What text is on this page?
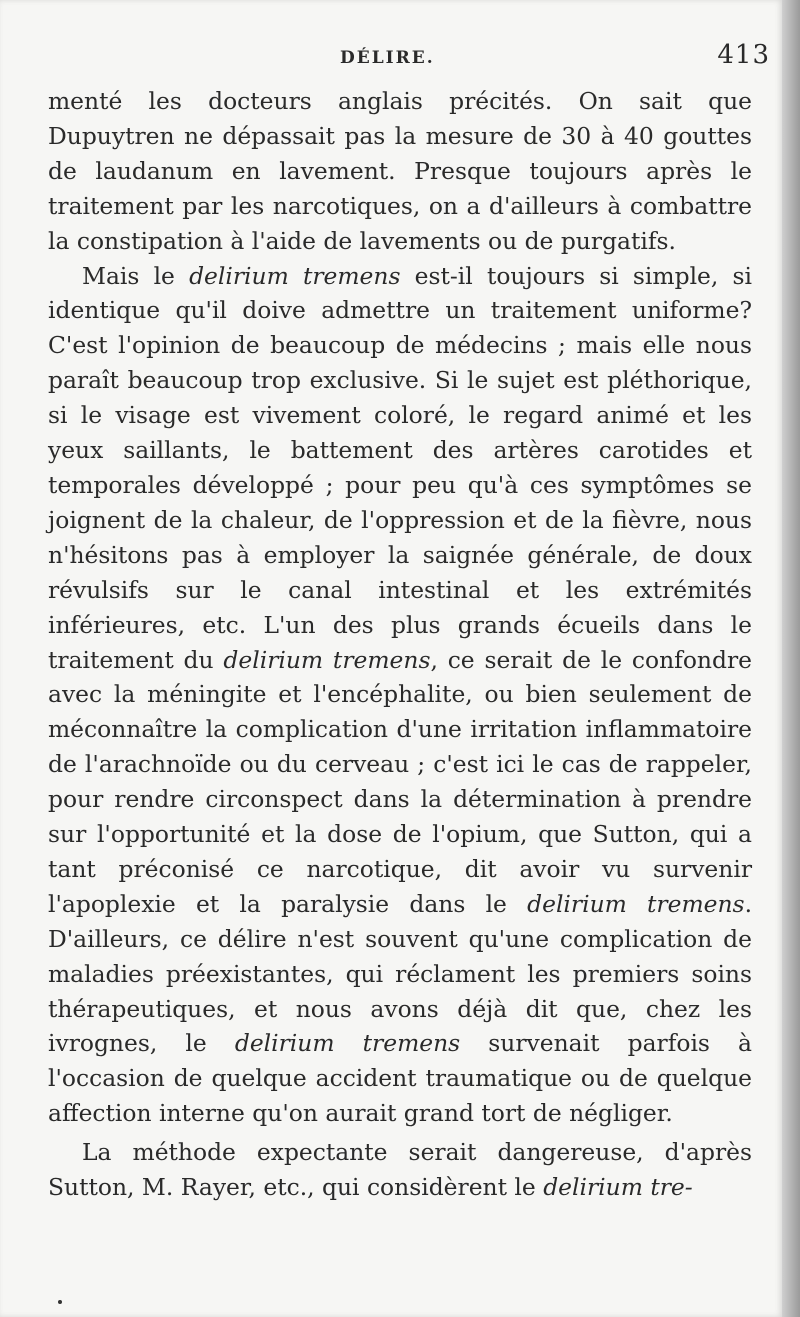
DÉLIRE.	413

menté les docteurs anglais précités. On sait que Dupuytren ne dépassait pas la mesure de 30 à 40 gouttes de laudanum en lavement. Presque toujours après le traitement par les narcotiques, on a d'ailleurs à combattre la constipation à l'aide de lavements ou de purgatifs.

Mais le delirium tremens est-il toujours si simple, si identique qu'il doive admettre un traitement uniforme? C'est l'opinion de beaucoup de médecins ; mais elle nous paraît beaucoup trop exclusive. Si le sujet est pléthorique, si le visage est vivement coloré, le regard animé et les yeux saillants, le battement des artères carotides et temporales développé ; pour peu qu'à ces symptômes se joignent de la chaleur, de l'oppression et de la fièvre, nous n'hésitons pas à employer la saignée générale, de doux révulsifs sur le canal intestinal et les extrémités inférieures, etc. L'un des plus grands écueils dans le traitement du delirium tremens, ce serait de le confondre avec la méningite et l'encéphalite, ou bien seulement de méconnaître la complication d'une irritation inflammatoire de l'arachnoïde ou du cerveau ; c'est ici le cas de rappeler, pour rendre circonspect dans la détermination à prendre sur l'opportunité et la dose de l'opium, que Sutton, qui a tant préconisé ce narcotique, dit avoir vu survenir l'apoplexie et la paralysie dans le delirium tremens. D'ailleurs, ce délire n'est souvent qu'une complication de maladies préexistantes, qui réclament les premiers soins thérapeutiques, et nous avons déjà dit que, chez les ivrognes, le delirium tremens survenait parfois à l'occasion de quelque accident traumatique ou de quelque affection interne qu'on aurait grand tort de négliger.

La méthode expectante serait dangereuse, d'après Sutton, M. Rayer, etc., qui considèrent le delirium tre-
